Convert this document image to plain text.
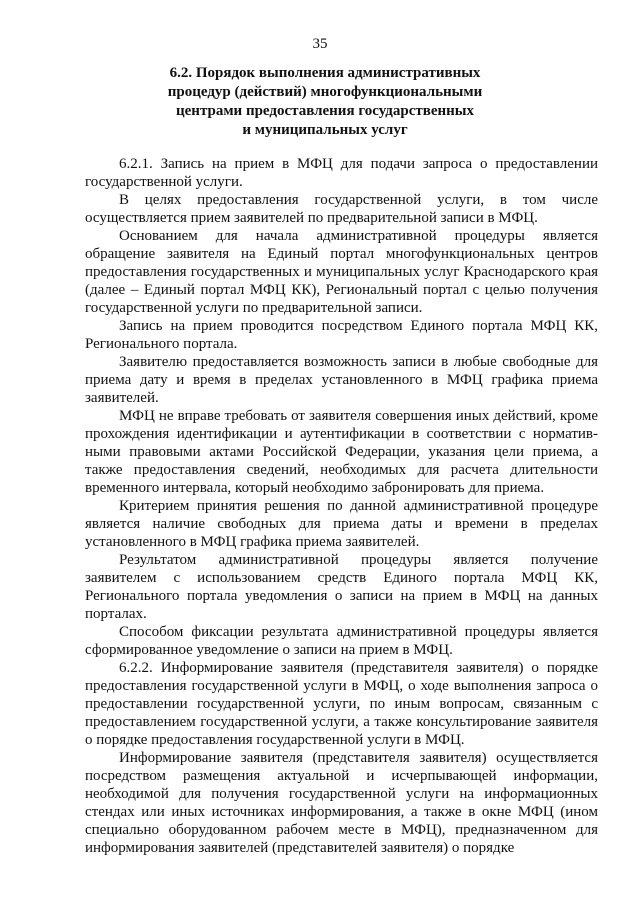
35
6.2. Порядок выполнения административных
процедур (действий) многофункциональными
центрами предоставления государственных
и муниципальных услуг

6.2.1. Запись на прием в МФЦ для подачи запроса о предоставлении
государственной услуги.

В целях предоставления государственной услуги, в том числе
осуществляется прием заявителей по предварительной записи в МФЦ.

Основанием для начала административной процедуры является
обращение заявителя на Единый портал многофункциональных центров
предоставления государственных и муниципальных услуг Краснодарского края
(далее – Единый портал МФЦ КК), Региональный портал с целью получения
государственной услуги по предварительной записи.

Запись на прием проводится посредством Единого портала МФЦ КК,
Регионального портала.

Заявителю предоставляется возможность записи в любые свободные для
приема дату и время в пределах установленного в МФЦ графика приема
заявителей.

МФЦ не вправе требовать от заявителя совершения иных действий, кроме
прохождения идентификации и аутентификации в соответствии с норматив-
ными правовыми актами Российской Федерации, указания цели приема, а
также предоставления сведений, необходимых для расчета длительности
временного интервала, который необходимо забронировать для приема.

Критерием принятия решения по данной административной процедуре
является наличие свободных для приема даты и времени в пределах
установленного в МФЦ графика приема заявителей.

Результатом административной процедуры является получение
заявителем с использованием средств Единого портала МФЦ КК,
Регионального портала уведомления о записи на прием в МФЦ на данных
порталах.

Способом фиксации результата административной процедуры является
сформированное уведомление о записи на прием в МФЦ.

6.2.2. Информирование заявителя (представителя заявителя) о порядке
предоставления государственной услуги в МФЦ, о ходе выполнения запроса о
предоставлении государственной услуги, по иным вопросам, связанным с
предоставлением государственной услуги, а также консультирование заявителя
о порядке предоставления государственной услуги в МФЦ.

Информирование заявителя (представителя заявителя) осуществляется
посредством размещения актуальной и исчерпывающей информации,
необходимой для получения государственной услуги на информационных
стендах или иных источниках информирования, а также в окне МФЦ (ином
специально оборудованном рабочем месте в МФЦ), предназначенном для
информирования заявителей (представителей заявителя) о порядке
